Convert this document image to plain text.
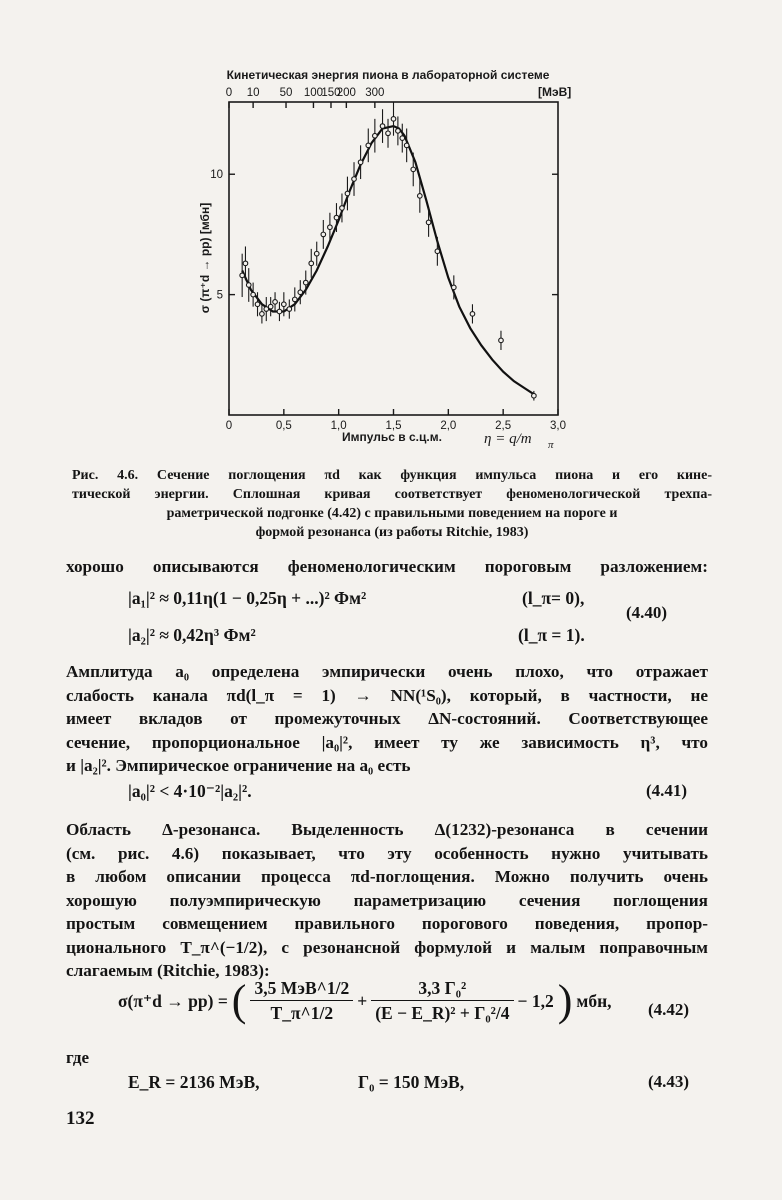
Кинетическая энергия пиона в лабораторной системе
0 10 50 100
150
200 300	[МэВ]
σ (π⁺d → pp) [мбн] 5
10
0	0,5	1,0	1,5	2,0	2,5	3,0
Импульс в с.ц.м.	η = q/m π
Рис. 4.6. Сечение поглощения πd как функция импульса пиона и его кине-
тической энергии. Сплошная кривая соответствует феноменологической трехпа-
раметрической подгонке (4.42) с правильными поведением на пороге и
формой резонанса (из работы Ritchie, 1983)
хорошо описываются феноменологическим пороговым разложением:
|a₁|² ≈ 0,11η(1 − 0,25η + ...)² Фм²	(l_π= 0),
|a₂|² ≈ 0,42η³ Фм²	(l_π = 1).
(4.40)
Амплитуда a₀ определена эмпирически очень плохо, что отражает
слабость канала πd(l_π = 1) → NN(¹S₀), который, в частности, не
имеет вкладов от промежуточных ΔN-состояний. Соответствующее
сечение, пропорциональное |a₀|², имеет ту же зависимость η³, что
и |a₂|². Эмпирическое ограничение на a₀ есть
|a₀|² < 4·10⁻²|a₂|².	(4.41)
Область Δ-резонанса. Выделенность Δ(1232)-резонанса в сечении
(см. рис. 4.6) показывает, что эту особенность нужно учитывать
в любом описании процесса πd-поглощения. Можно получить очень
хорошую полуэмпирическую параметризацию сечения поглощения
простым совмещением правильного порогового поведения, пропор-
ционального T_π^(−1/2), с резонансной формулой и малым поправочным
слагаемым (Ritchie, 1983):
σ(π⁺d → pp) = ( $\frac{\text{3,5 МэВ\textasciicircum{}1/2}}{T\_\pi\^{}1/2} + \frac{\text{3,3 Γ₀²}}{\text{(E − E\_R)² + Γ₀²/4}} - 1,2$ ) мбн, (4.42)
где
E_R = 2136 МэВ,	Γ₀ = 150 МэВ,	(4.43)
132
